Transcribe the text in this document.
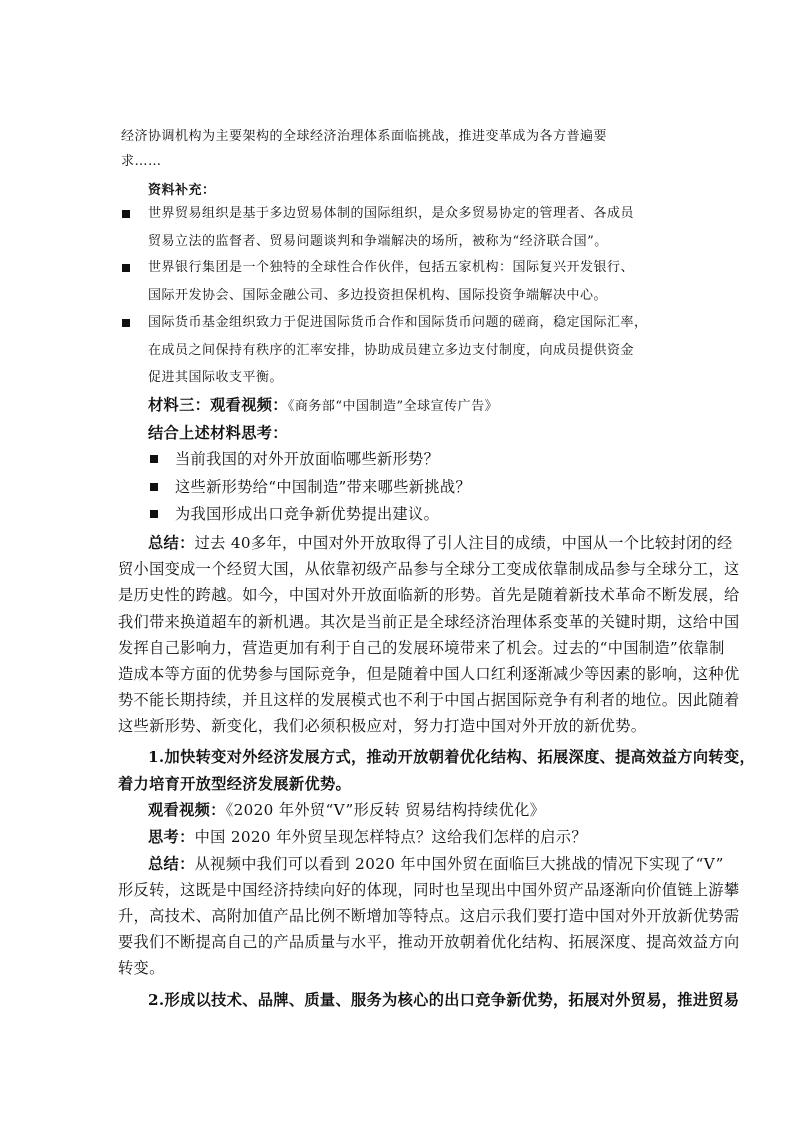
经济协调机构为主要架构的全球经济治理体系面临挑战，推进变革成为各方普遍要
求……
资料补充：
世界贸易组织是基于多边贸易体制的国际组织，是众多贸易协定的管理者、各成员
贸易立法的监督者、贸易问题谈判和争端解决的场所，被称为“经济联合国”。
世界银行集团是一个独特的全球性合作伙伴，包括五家机构：国际复兴开发银行、
国际开发协会、国际金融公司、多边投资担保机构、国际投资争端解决中心。
国际货币基金组织致力于促进国际货币合作和国际货币问题的磋商，稳定国际汇率，
在成员之间保持有秩序的汇率安排，协助成员建立多边支付制度，向成员提供资金
促进其国际收支平衡。
材料三：观看视频：《商务部“中国制造”全球宣传广告》
结合上述材料思考：
当前我国的对外开放面临哪些新形势？
这些新形势给“中国制造”带来哪些新挑战？
为我国形成出口竞争新优势提出建议。
总结：过去 40多年，中国对外开放取得了引人注目的成绩，中国从一个比较封闭的经
贸小国变成一个经贸大国，从依靠初级产品参与全球分工变成依靠制成品参与全球分工，这
是历史性的跨越。如今，中国对外开放面临新的形势。首先是随着新技术革命不断发展，给
我们带来换道超车的新机遇。其次是当前正是全球经济治理体系变革的关键时期，这给中国
发挥自己影响力，营造更加有利于自己的发展环境带来了机会。过去的“中国制造”依靠制
造成本等方面的优势参与国际竞争，但是随着中国人口红利逐渐减少等因素的影响，这种优
势不能长期持续，并且这样的发展模式也不利于中国占据国际竞争有利者的地位。因此随着
这些新形势、新变化，我们必须积极应对，努力打造中国对外开放的新优势。
1.加快转变对外经济发展方式，推动开放朝着优化结构、拓展深度、提高效益方向转变，
着力培育开放型经济发展新优势。
观看视频：《2020 年外贸“V”形反转 贸易结构持续优化》
思考：中国 2020 年外贸呈现怎样特点？这给我们怎样的启示？
总结：从视频中我们可以看到 2020 年中国外贸在面临巨大挑战的情况下实现了“V”
形反转，这既是中国经济持续向好的体现，同时也呈现出中国外贸产品逐渐向价值链上游攀
升，高技术、高附加值产品比例不断增加等特点。这启示我们要打造中国对外开放新优势需
要我们不断提高自己的产品质量与水平，推动开放朝着优化结构、拓展深度、提高效益方向
转变。
2.形成以技术、品牌、质量、服务为核心的出口竞争新优势，拓展对外贸易，推进贸易
